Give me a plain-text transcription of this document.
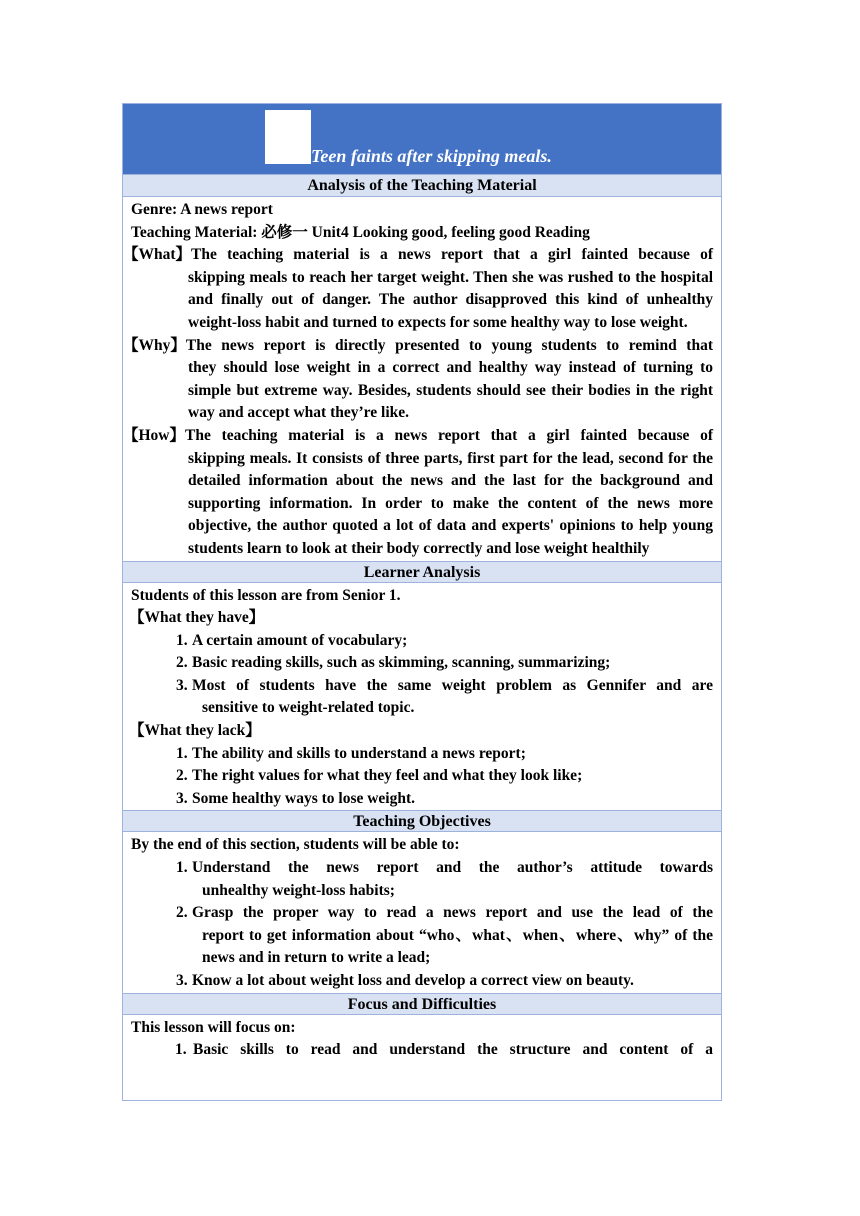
Teen faints after skipping meals.
Analysis of the Teaching Material
Genre: A news report
Teaching Material: 必修一 Unit4 Looking good, feeling good Reading
【What】 The teaching material is a news report that a girl fainted because of
skipping meals to reach her target weight. Then she was rushed to the hospital and finally out of danger. The author disapproved this kind of unhealthy weight-loss habit and turned to expects for some healthy way to lose weight.
【Why】 The news report is directly presented to young students to remind that
they should lose weight in a correct and healthy way instead of turning to simple but extreme way. Besides, students should see their bodies in the right way and accept what they’re like.
【How】 The teaching material is a news report that a girl fainted because of
skipping meals. It consists of three parts, first part for the lead, second for the detailed information about the news and the last for the background and supporting information. In order to make the content of the news more objective, the author quoted a lot of data and experts' opinions to help young students learn to look at their body correctly and lose weight healthily
Learner Analysis
Students of this lesson are from Senior 1.
【What they have】
1. A certain amount of vocabulary;
2. Basic reading skills, such as skimming, scanning, summarizing;
3. Most of students have the same weight problem as Gennifer and are
sensitive to weight-related topic.
【What they lack】
1. The ability and skills to understand a news report;
2. The right values for what they feel and what they look like;
3. Some healthy ways to lose weight.
Teaching Objectives
By the end of this section, students will be able to:
1. Understand the news report and the author’s attitude towards
unhealthy weight-loss habits;
2. Grasp the proper way to read a news report and use the lead of the
report to get information about “who、what、when、where、why” of the news and in return to write a lead;
3. Know a lot about weight loss and develop a correct view on beauty.
Focus and Difficulties
This lesson will focus on:
1. Basic skills to read and understand the structure and content of a
